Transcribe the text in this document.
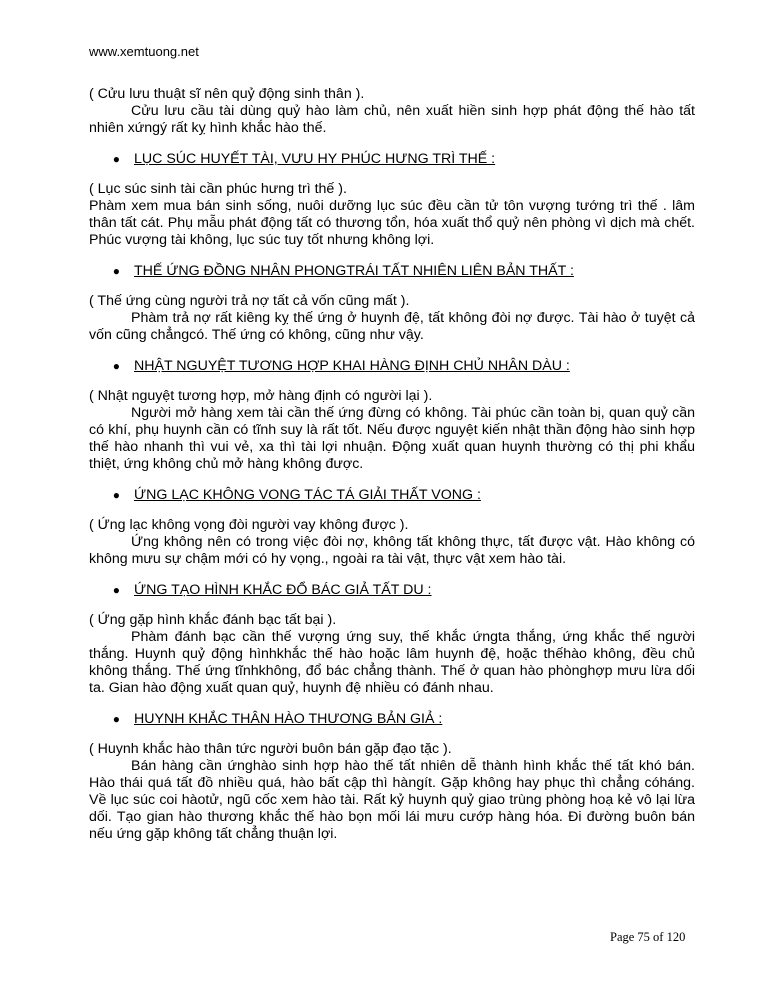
www.xemtuong.net

( Cửu lưu thuật sĩ nên quỷ động sinh thân ).

Cửu lưu cầu tài dùng quỷ hào làm chủ, nên xuất hiền sinh hợp phát động thế hào tất nhiên xứngý rất kỵ hình khắc hào thế.

● LỤC SÚC HUYẾT TÀI, VƯU HY PHÚC HƯNG TRÌ THẾ :

( Lục súc sinh tài cần phúc hưng trì thế ).

Phàm xem mua bán sinh sống, nuôi dưỡng lục súc đều cần tử tôn vượng tướng trì thế . lâm thân tất cát. Phụ mẫu phát động tất có thương tổn, hóa xuất thổ quỷ nên phòng vì dịch mà chết. Phúc vượng tài không, lục súc tuy tốt nhưng không lợi.

● THẾ ỨNG ĐỒNG NHÂN PHONGTRÁI TẤT NHIÊN LIÊN BẢN THẤT :

( Thế ứng cùng người trả nợ tất cả vốn cũng mất ).

Phàm trả nợ rất kiêng kỵ thế ứng ở huynh đệ, tất không đòi nợ được. Tài hào ở tuyệt cả vốn cũng chẳngcó. Thế ứng có không, cũng như vậy.

● NHẬT NGUYỆT TƯƠNG HỢP KHAI HÀNG ĐỊNH CHỦ NHÂN DÀU :

( Nhật nguyệt tương hợp, mở hàng định có người lại ).

Người mở hàng xem tài cần thế ứng đừng có không. Tài phúc cần toàn bị, quan quỷ cần có khí, phụ huynh cần có tĩnh suy là rất tốt. Nếu được nguyệt kiến nhật thần động hào sinh hợp thế hào nhanh thì vui vẻ, xa thì tài lợi nhuận. Động xuất quan huynh thường có thị phi khẩu thiệt, ứng không chủ mở hàng không được.

● ỨNG LẠC KHÔNG VONG TÁC TÁ GIẢI THẤT VONG :

( Ứng lạc không vọng đòi người vay không được ).

Ứng không nên có trong việc đòi nợ, không tất không thực, tất được vật. Hào không có không mưu sự chậm mới có hy vọng., ngoài ra tài vật, thực vật xem hào tài.

● ỨNG TẠO HÌNH KHẮC ĐỔ BÁC GIẢ TẤT DU :

( Ứng gặp hình khắc đánh bạc tất bại ).

Phàm đánh bạc cần thế vượng ứng suy, thế khắc ứngta thắng, ứng khắc thế người thắng. Huynh quỷ động hìnhkhắc thế hào hoặc lâm huynh đệ, hoặc thếhào không, đều chủ không thắng. Thế ứng tĩnhkhông, đổ bác chẳng thành. Thế ở quan hào phònghợp mưu lừa dối ta. Gian hào động xuất quan quỷ, huynh đệ nhiều có đánh nhau.

● HUYNH KHẮC THÂN HÀO THƯƠNG BẢN GIẢ :

( Huynh khắc hào thân tức người buôn bán gặp đạo tặc ).

Bán hàng cần ứnghào sinh hợp hào thế tất nhiên dễ thành hình khắc thế tất khó bán. Hào thái quá tất đồ nhiều quá, hào bất cập thì hàngít. Gặp không hay phục thì chẳng cóháng. Về lục súc coi hàotử, ngũ cốc xem hào tài. Rất kỷ huynh quỷ giao trùng phòng hoạ kẻ vô lại lừa dối. Tạo gian hào thương khắc thế hào bọn mối lái mưu cướp hàng hóa. Đi đường buôn bán nếu ứng gặp không tất chẳng thuận lợi.

Page 75 of 120
